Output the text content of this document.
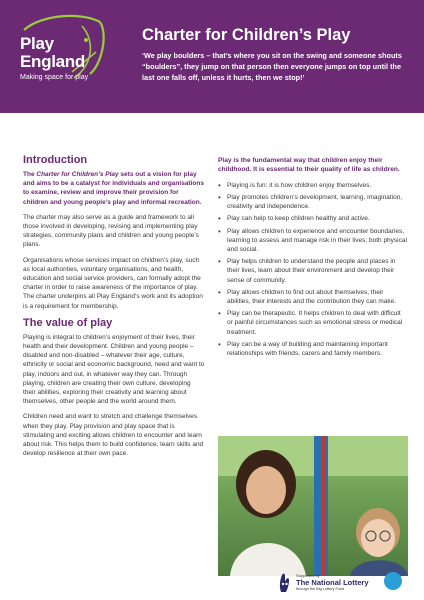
Play
England
Making space for play
Charter for Children’s Play
‘We play boulders – that’s where you sit on the swing and someone shouts “boulders”, they jump on that person then everyone jumps on top until the last one falls off, unless it hurts, then we stop!’
Introduction

The Charter for Children’s Play sets out a vision for play and aims to be a catalyst for individuals and organisations to examine, review and improve their provision for children and young people’s play and informal recreation.

The charter may also serve as a guide and framework to all those involved in developing, revising and implementing play strategies, community plans and children and young people’s plans.

Organisations whose services impact on children’s play, such as local authorities, voluntary organisations, and health, education and social service providers, can formally adopt the charter in order to raise awareness of the importance of play. The charter underpins all Play England’s work and its adoption is a requirement for membership.

The value of play

Playing is integral to children’s enjoyment of their lives, their health and their development. Children and young people – disabled and non-disabled – whatever their age, culture, ethnicity or social and economic background, need and want to play, indoors and out, in whatever way they can. Through playing, children are creating their own culture, developing their abilities, exploring their creativity and learning about themselves, other people and the world around them.

Children need and want to stretch and challenge themselves when they play. Play provision and play space that is stimulating and exciting allows children to encounter and learn about risk. This helps them to build confidence, learn skills and develop resilience at their own pace.

Play is the fundamental way that children enjoy their childhood. It is essential to their quality of life as children.
• Playing is fun: it is how children enjoy themselves.
• Play promotes children’s development, learning, imagination, creativity and independence.
• Play can help to keep children healthy and active.
• Play allows children to experience and encounter boundaries, learning to assess and manage risk in their lives; both physical and social.
• Play helps children to understand the people and places in their lives, learn about their environment and develop their sense of community.
• Play allows children to find out about themselves, their abilities, their interests and the contribution they can make.
• Play can be therapeutic. It helps children to deal with difficult or painful circumstances such as emotional stress or medical treatment.
• Play can be a way of building and maintaining important relationships with friends, carers and family members.
Supported by
The National Lottery
through the Big Lottery Fund
